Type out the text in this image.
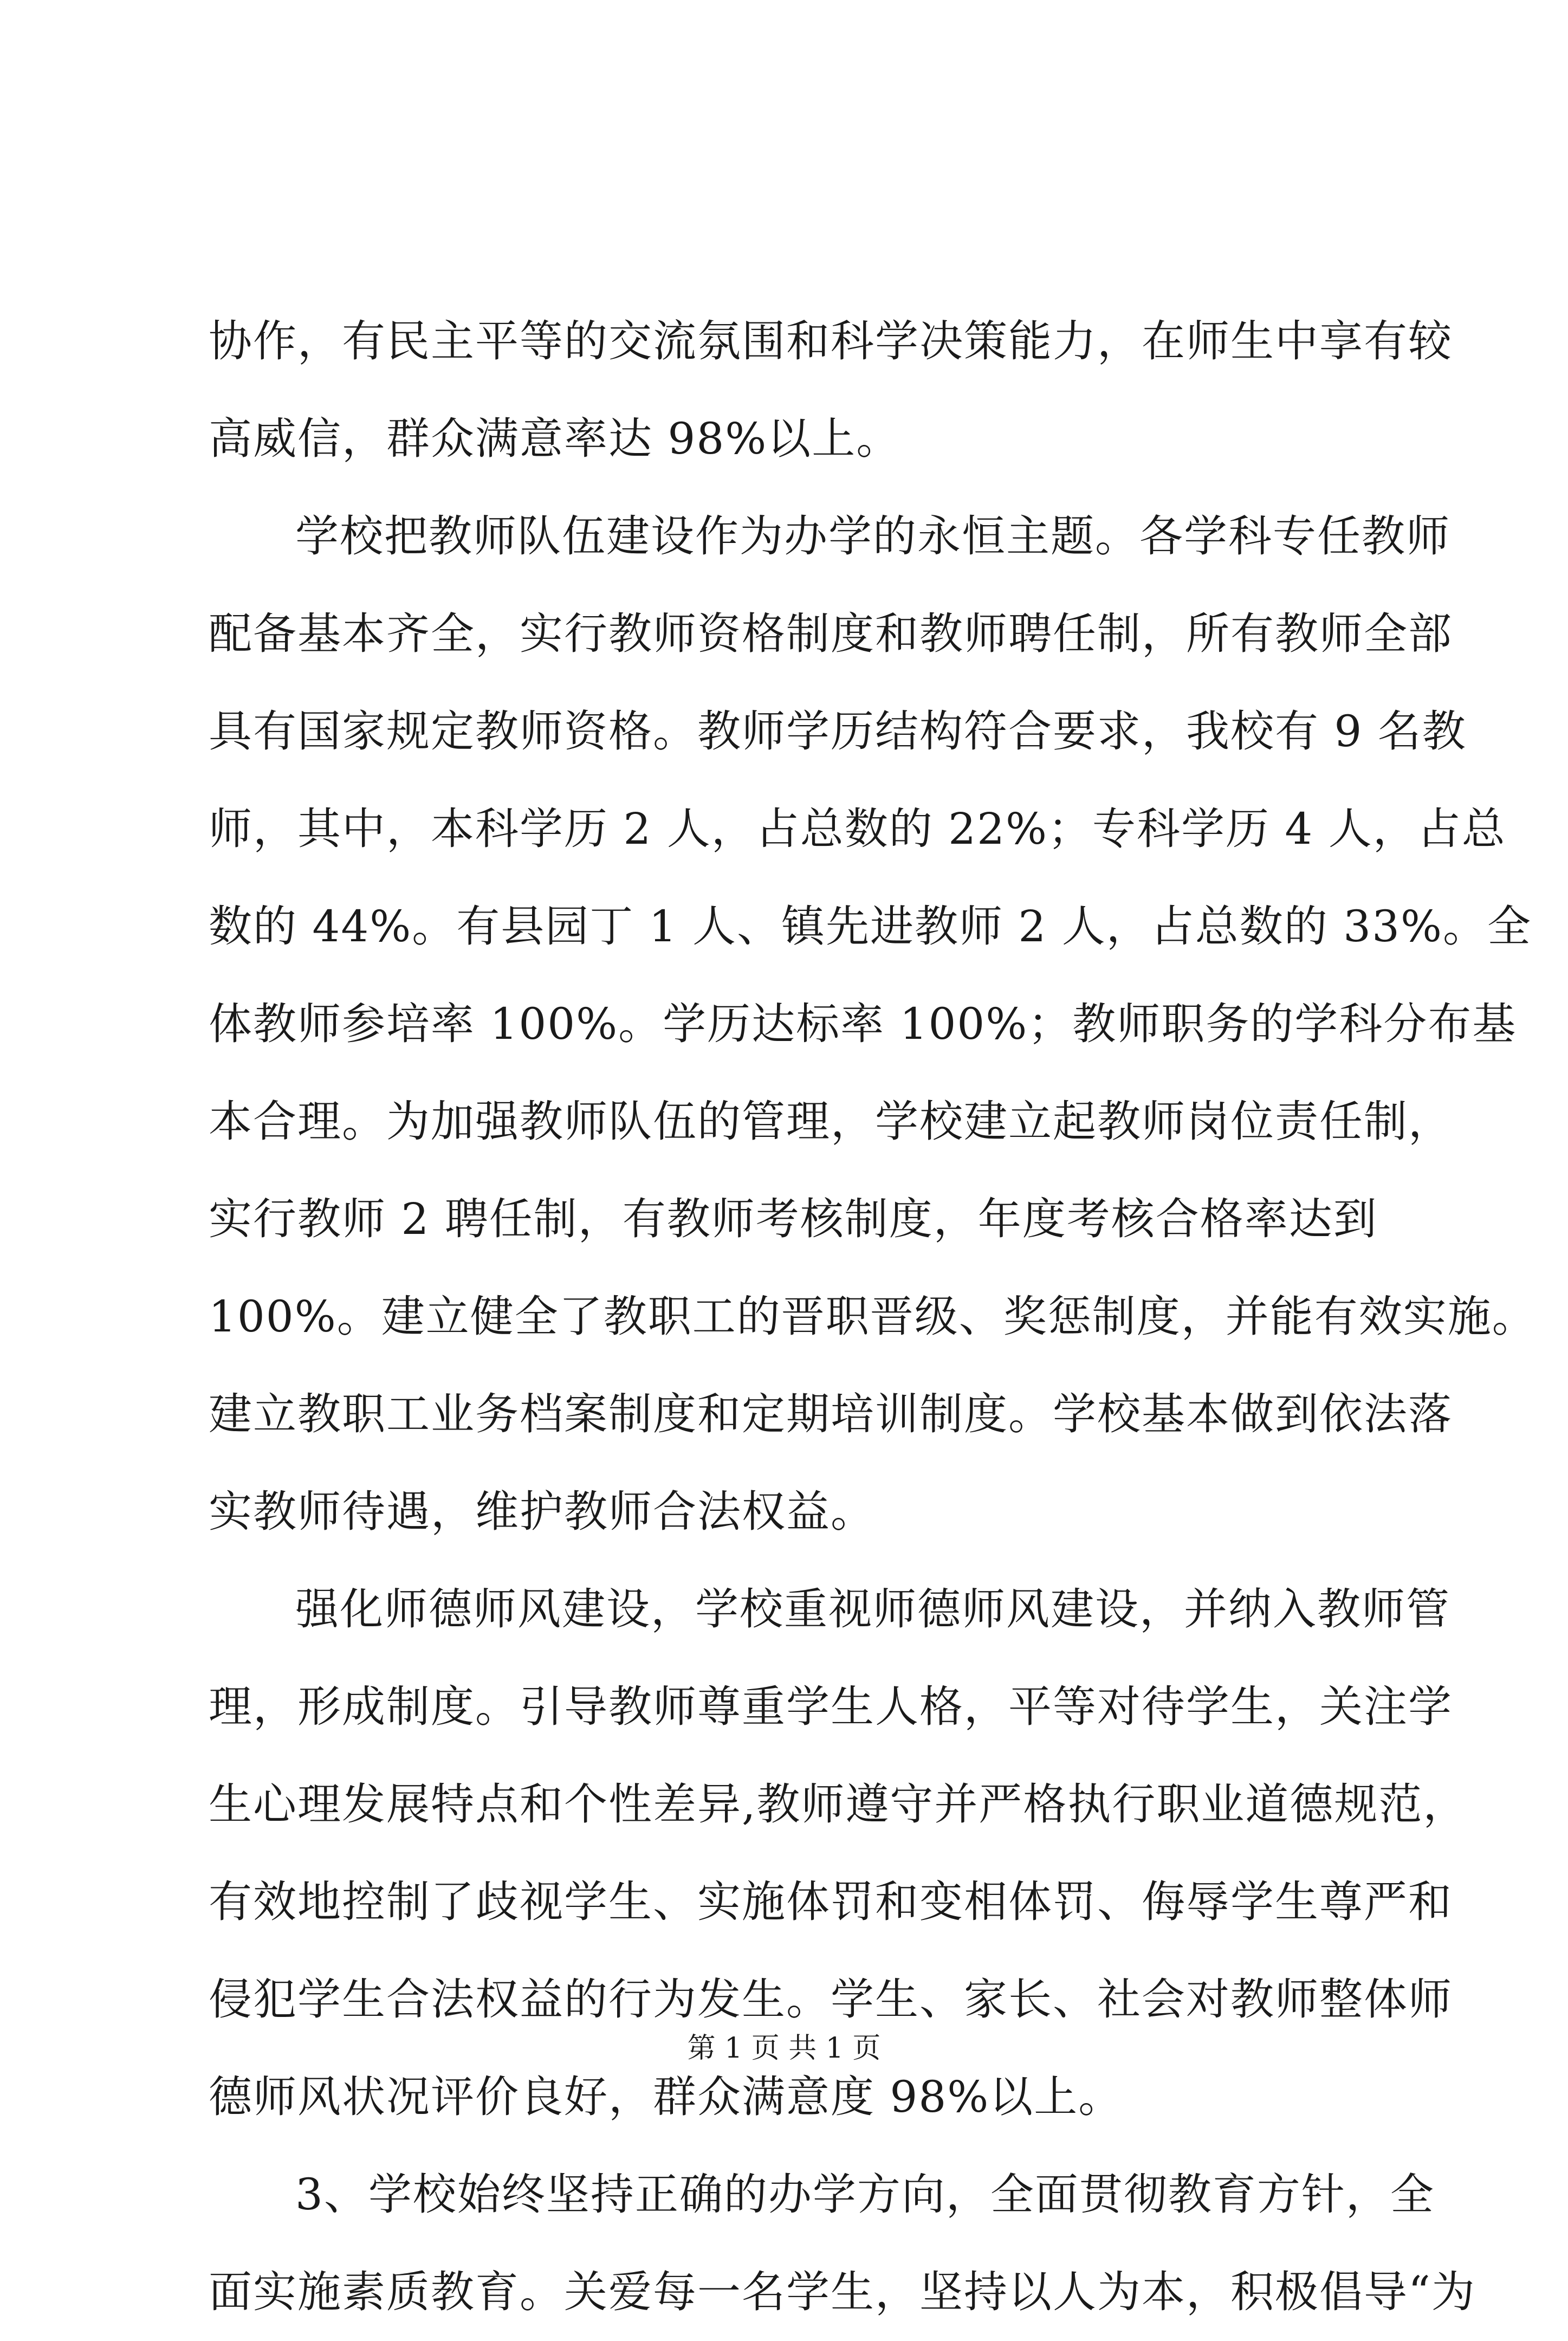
协作，有民主平等的交流氛围和科学决策能力，在师生中享有较
高威信，群众满意率达 98%以上。
学校把教师队伍建设作为办学的永恒主题。各学科专任教师
配备基本齐全，实行教师资格制度和教师聘任制，所有教师全部
具有国家规定教师资格。教师学历结构符合要求，我校有 9 名教
师，其中，本科学历 2 人，占总数的 22%；专科学历 4 人，占总
数的 44%。有县园丁 1 人、镇先进教师 2 人，占总数的 33%。全
体教师参培率 100%。学历达标率 100%；教师职务的学科分布基
本合理。为加强教师队伍的管理，学校建立起教师岗位责任制，
实行教师 2 聘任制，有教师考核制度，年度考核合格率达到
100%。建立健全了教职工的晋职晋级、奖惩制度，并能有效实施。
建立教职工业务档案制度和定期培训制度。学校基本做到依法落
实教师待遇，维护教师合法权益。
强化师德师风建设，学校重视师德师风建设，并纳入教师管
理，形成制度。引导教师尊重学生人格，平等对待学生，关注学
生心理发展特点和个性差异,教师遵守并严格执行职业道德规范，
有效地控制了歧视学生、实施体罚和变相体罚、侮辱学生尊严和
侵犯学生合法权益的行为发生。学生、家长、社会对教师整体师
德师风状况评价良好，群众满意度 98%以上。
3、学校始终坚持正确的办学方向，全面贯彻教育方针，全
面实施素质教育。关爱每一名学生，坚持以人为本，积极倡导“为
第 1 页 共 1 页
